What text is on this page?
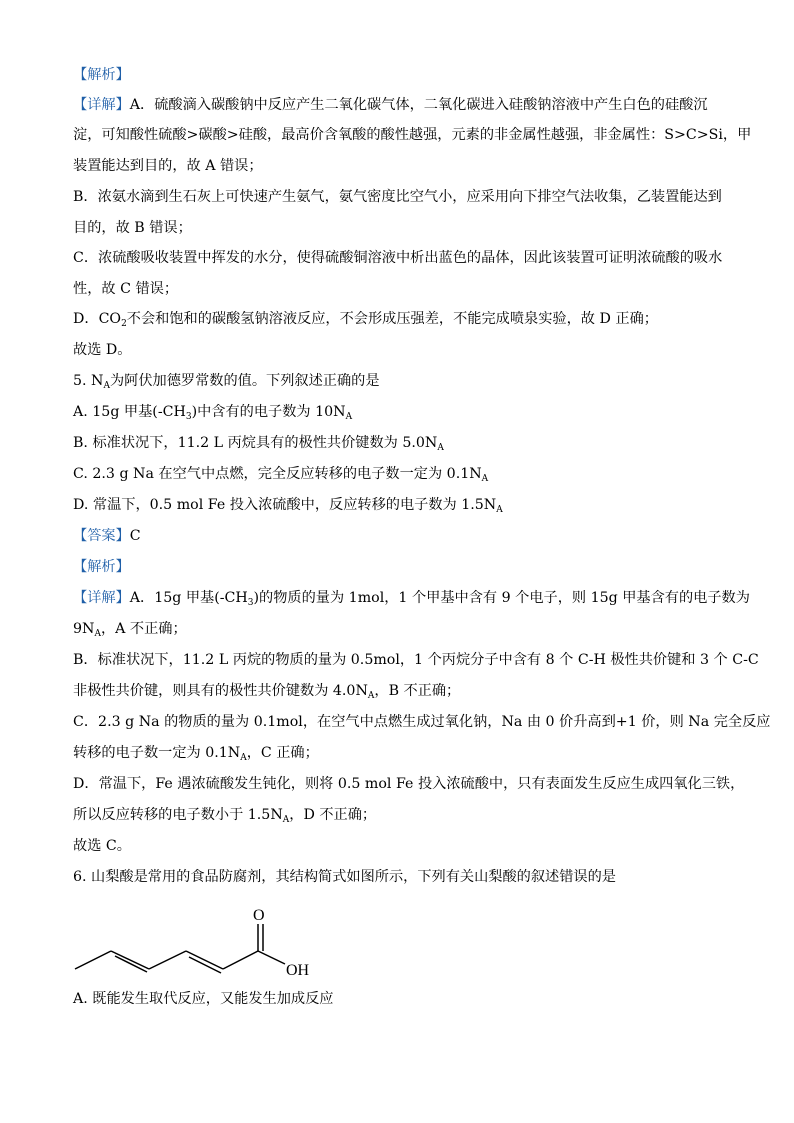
【解析】
【详解】A．硫酸滴入碳酸钠中反应产生二氧化碳气体，二氧化碳进入硅酸钠溶液中产生白色的硅酸沉
淀，可知酸性硫酸>碳酸>硅酸，最高价含氧酸的酸性越强，元素的非金属性越强，非金属性：S>C>Si，甲
装置能达到目的，故 A 错误；
B．浓氨水滴到生石灰上可快速产生氨气，氨气密度比空气小，应采用向下排空气法收集，乙装置能达到
目的，故 B 错误；
C．浓硫酸吸收装置中挥发的水分，使得硫酸铜溶液中析出蓝色的晶体，因此该装置可证明浓硫酸的吸水
性，故 C 错误；
D．$CO_2$不会和饱和的碳酸氢钠溶液反应，不会形成压强差，不能完成喷泉实验，故 D 正确；
故选 D。
5. $N_A$为阿伏加德罗常数的值。下列叙述正确的是
A. 15g 甲基$(-CH_3)$中含有的电子数为 $10N_A$
B. 标准状况下，11.2 L 丙烷具有的极性共价键数为 $5.0N_A$
C. 2.3 g Na 在空气中点燃，完全反应转移的电子数一定为 $0.1N_A$
D. 常温下，0.5 mol Fe 投入浓硫酸中，反应转移的电子数为 $1.5N_A$
【答案】C
【解析】
【详解】A．15g 甲基$(-CH_3)$的物质的量为 1mol，1 个甲基中含有 9 个电子，则 15g 甲基含有的电子数为
$9N_A$，A 不正确；
B．标准状况下，11.2 L 丙烷的物质的量为 0.5mol，1 个丙烷分子中含有 8 个 C-H 极性共价键和 3 个 C-C
非极性共价键，则具有的极性共价键数为 $4.0N_A$，B 不正确；
C．2.3 g Na 的物质的量为 0.1mol，在空气中点燃生成过氧化钠，Na 由 0 价升高到+1 价，则 Na 完全反应
转移的电子数一定为 $0.1N_A$，C 正确；
D．常温下，Fe 遇浓硫酸发生钝化，则将 0.5 mol Fe 投入浓硫酸中，只有表面发生反应生成四氧化三铁，
所以反应转移的电子数小于 $1.5N_A$，D 不正确；
故选 C。
6. 山梨酸是常用的食品防腐剂，其结构简式如图所示，下列有关山梨酸的叙述错误的是
O
OH
A. 既能发生取代反应，又能发生加成反应
